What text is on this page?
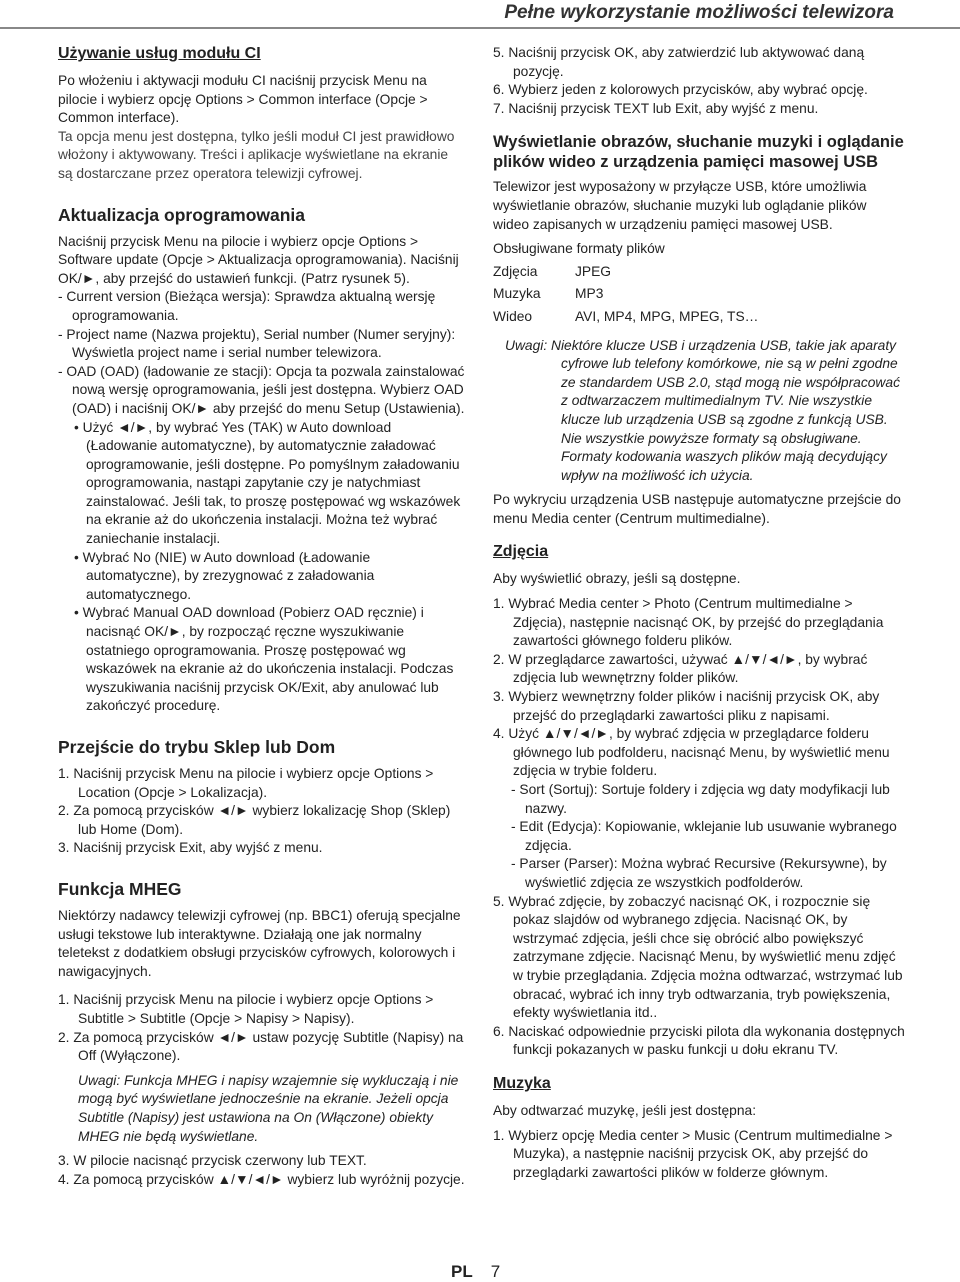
Pełne wykorzystanie możliwości telewizora
Używanie usług modułu CI

Po włożeniu i aktywacji modułu CI naciśnij przycisk Menu na pilocie i wybierz opcję Options > Common interface (Opcje > Common interface).

Ta opcja menu jest dostępna, tylko jeśli moduł CI jest prawidłowo włożony i aktywowany. Treści i aplikacje wyświetlane na ekranie są dostarczane przez operatora telewizji cyfrowej.

Aktualizacja oprogramowania

Naciśnij przycisk Menu na pilocie i wybierz opcje Options > Software update (Opcje > Aktualizacja oprogramowania). Naciśnij OK/►, aby przejść do ustawień funkcji. (Patrz rysunek 5).

- Current version (Bieżąca wersja): Sprawdza aktualną wersję oprogramowania.

- Project name (Nazwa projektu), Serial number (Numer seryjny): Wyświetla project name i serial number telewizora.

- OAD (OAD) (ładowanie ze stacji): Opcja ta pozwala zainstalować nową wersję oprogramowania, jeśli jest dostępna. Wybierz OAD (OAD) i naciśnij OK/► aby przejść do menu Setup (Ustawienia).

• Użyć ◄/►, by wybrać Yes (TAK) w Auto download (Ładowanie automatyczne), by automatycznie załadować oprogramowanie, jeśli dostępne. Po pomyślnym załadowaniu oprogramowania, nastąpi zapytanie czy je natychmiast zainstalować. Jeśli tak, to proszę postępować wg wskazówek na ekranie aż do ukończenia instalacji. Można też wybrać zaniechanie instalacji.

• Wybrać No (NIE) w Auto download (Ładowanie automatyczne), by zrezygnować z załadowania automatycznego.

• Wybrać Manual OAD download (Pobierz OAD ręcznie) i nacisnąć OK/►, by rozpocząć ręczne wyszukiwanie ostatniego oprogramowania. Proszę postępować wg wskazówek na ekranie aż do ukończenia instalacji. Podczas wyszukiwania naciśnij przycisk OK/Exit, aby anulować lub zakończyć procedurę.

Przejście do trybu Sklep lub Dom

1. Naciśnij przycisk Menu na pilocie i wybierz opcje Options > Location (Opcje > Lokalizacja).

2. Za pomocą przycisków ◄/► wybierz lokalizację Shop (Sklep) lub Home (Dom).

3. Naciśnij przycisk Exit, aby wyjść z menu.

Funkcja MHEG

Niektórzy nadawcy telewizji cyfrowej (np. BBC1) oferują specjalne usługi tekstowe lub interaktywne. Działają one jak normalny teletekst z dodatkiem obsługi przycisków cyfrowych, kolorowych i nawigacyjnych.

1. Naciśnij przycisk Menu na pilocie i wybierz opcje Options > Subtitle > Subtitle (Opcje > Napisy > Napisy).

2. Za pomocą przycisków ◄/► ustaw pozycję Subtitle (Napisy) na Off (Wyłączone).

Uwagi: Funkcja MHEG i napisy wzajemnie się wykluczają i nie mogą być wyświetlane jednocześnie na ekranie. Jeżeli opcja Subtitle (Napisy) jest ustawiona na On (Włączone) obiekty MHEG nie będą wyświetlane.

3. W pilocie nacisnąć przycisk czerwony lub TEXT.

4. Za pomocą przycisków ▲/▼/◄/► wybierz lub wyróżnij pozycje.

5. Naciśnij przycisk OK, aby zatwierdzić lub aktywować daną pozycję.

6. Wybierz jeden z kolorowych przycisków, aby wybrać opcję.

7. Naciśnij przycisk TEXT lub Exit, aby wyjść z menu.

Wyświetlanie obrazów, słuchanie muzyki i oglądanie plików wideo z urządzenia pamięci masowej USB

Telewizor jest wyposażony w przyłącze USB, które umożliwia wyświetlanie obrazów, słuchanie muzyki lub oglądanie plików wideo zapisanych w urządzeniu pamięci masowej USB.

Obsługiwane formaty plików

Zdjęcia	JPEG
Muzyka	MP3
Wideo	AVI, MP4, MPG, MPEG, TS…

Uwagi: Niektóre klucze USB i urządzenia USB, takie jak aparaty cyfrowe lub telefony komórkowe, nie są w pełni zgodne ze standardem USB 2.0, stąd mogą nie współpracować z odtwarzaczem multimedialnym TV. Nie wszystkie klucze lub urządzenia USB są zgodne z funkcją USB. Nie wszystkie powyższe formaty są obsługiwane. Formaty kodowania waszych plików mają decydujący wpływ na możliwość ich użycia.

Po wykryciu urządzenia USB następuje automatyczne przejście do menu Media center (Centrum multimedialne).

Zdjęcia

Aby wyświetlić obrazy, jeśli są dostępne.

1. Wybrać Media center > Photo (Centrum multimedialne > Zdjęcia), następnie nacisnąć OK, by przejść do przeglądania zawartości głównego folderu plików.

2. W przeglądarce zawartości, używać ▲/▼/◄/►, by wybrać zdjęcia lub wewnętrzny folder plików.

3. Wybierz wewnętrzny folder plików i naciśnij przycisk OK, aby przejść do przeglądarki zawartości pliku z napisami.

4. Użyć ▲/▼/◄/►, by wybrać zdjęcia w przeglądarce folderu głównego lub podfolderu, nacisnąć Menu, by wyświetlić menu zdjęcia w trybie folderu.

- Sort (Sortuj): Sortuje foldery i zdjęcia wg daty modyfikacji lub nazwy.

- Edit (Edycja): Kopiowanie, wklejanie lub usuwanie wybranego zdjęcia.

- Parser (Parser): Można wybrać Recursive (Rekursywne), by wyświetlić zdjęcia ze wszystkich podfolderów.

5. Wybrać zdjęcie, by zobaczyć nacisnąć OK, i rozpocznie się pokaz slajdów od wybranego zdjęcia. Nacisnąć OK, by wstrzymać zdjęcia, jeśli chce się obrócić albo powiększyć zatrzymane zdjęcie. Nacisnąć Menu, by wyświetlić menu zdjęć w trybie przeglądania. Zdjęcia można odtwarzać, wstrzymać lub obracać, wybrać ich inny tryb odtwarzania, tryb powiększenia, efekty wyświetlania itd..

6. Naciskać odpowiednie przyciski pilota dla wykonania dostępnych funkcji pokazanych w pasku funkcji u dołu ekranu TV.

Muzyka

Aby odtwarzać muzykę, jeśli jest dostępna:

1. Wybierz opcję Media center > Music (Centrum multimedialne > Muzyka), a następnie naciśnij przycisk OK, aby przejść do przeglądarki zawartości plików w folderze głównym.

PL 7
